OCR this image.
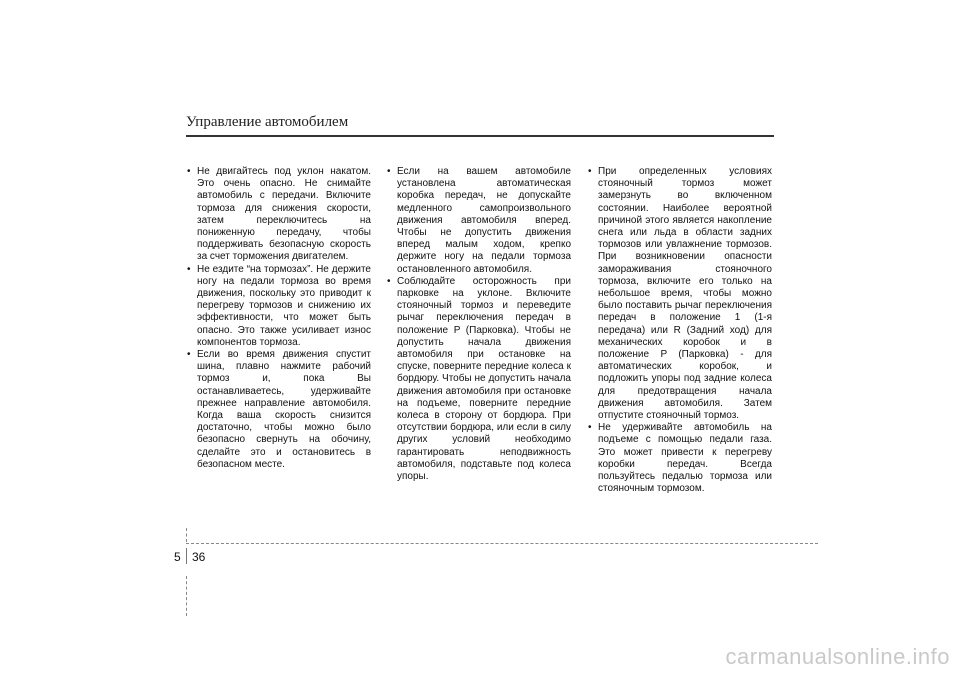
Управление автомобилем
• Не двигайтесь под уклон накатом. Это очень опасно. Не снимайте автомобиль с передачи. Включите тормоза для снижения скорости, затем переключитесь на пониженную передачу, чтобы поддерживать безопасную скорость за счет торможения двигателем.
• Не ездите “на тормозах”. Не держите ногу на педали тормоза во время движения, поскольку это приводит к перегреву тормозов и снижению их эффективности, что может быть опасно. Это также усиливает износ компонентов тормоза.
• Если во время движения спустит шина, плавно нажмите рабочий тормоз и, пока Вы останавливаетесь, удерживайте прежнее направление автомобиля. Когда ваша скорость снизится достаточно, чтобы можно было безопасно свернуть на обочину, сделайте это и остановитесь в безопасном месте.
• Если на вашем автомобиле установлена автоматическая коробка передач, не допускайте медленного самопроизвольного движения автомобиля вперед. Чтобы не допустить движения вперед малым ходом, крепко держите ногу на педали тормоза остановленного автомобиля.
• Соблюдайте осторожность при парковке на уклоне. Включите стояночный тормоз и переведите рычаг переключения передач в положение P (Парковка). Чтобы не допустить начала движения автомобиля при остановке на спуске, поверните передние колеса к бордюру. Чтобы не допустить начала движения автомобиля при остановке на подъеме, поверните передние колеса в сторону от бордюра. При отсутствии бордюра, или если в силу других условий необходимо гарантировать неподвижность автомобиля, подставьте под колеса упоры.
• При определенных условиях стояночный тормоз может замерзнуть во включенном состоянии. Наиболее вероятной причиной этого является накопление снега или льда в области задних тормозов или увлажнение тормозов. При возникновении опасности замораживания стояночного тормоза, включите его только на небольшое время, чтобы можно было поставить рычаг переключения передач в положение 1 (1-я передача) или R (Задний ход) для механических коробок и в положение P (Парковка) - для автоматических коробок, и подложить упоры под задние колеса для предотвращения начала движения автомобиля. Затем отпустите стояночный тормоз.
• Не удерживайте автомобиль на подъеме с помощью педали газа. Это может привести к перегреву коробки передач. Всегда пользуйтесь педалью тормоза или стояночным тормозом.
5 36
carmanualsonline.info
